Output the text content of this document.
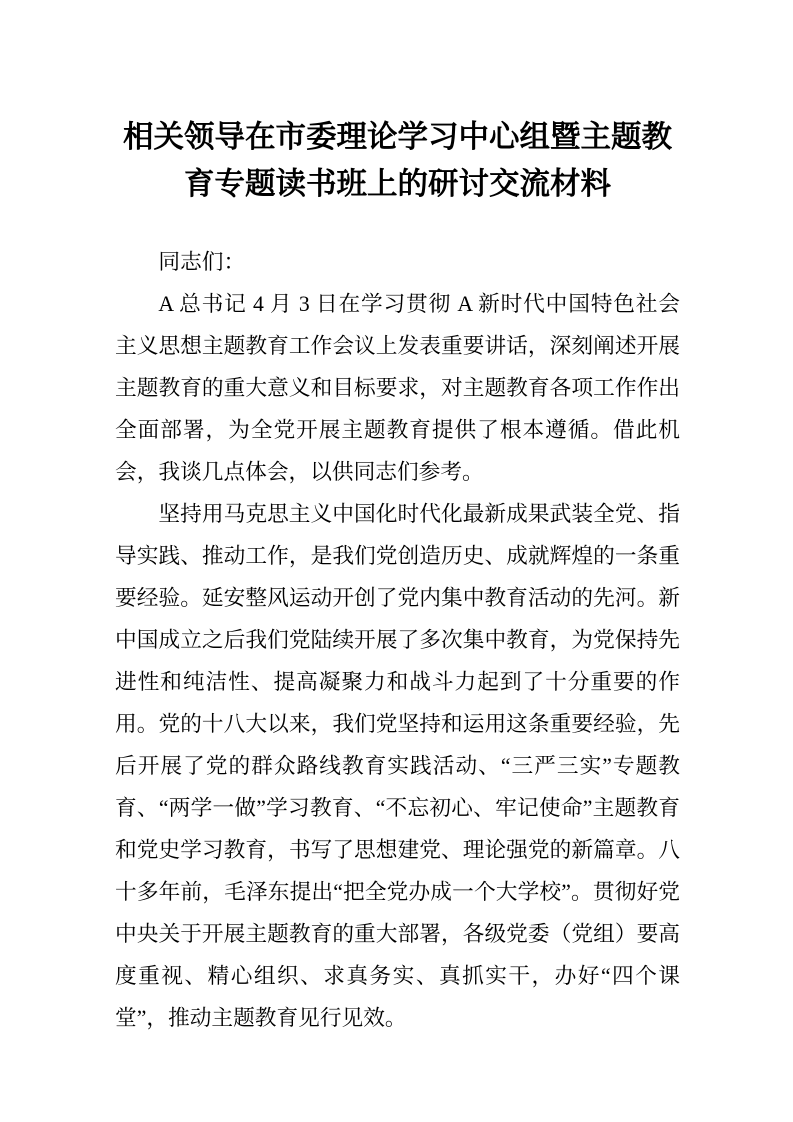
相关领导在市委理论学习中心组暨主题教育专题读书班上的研讨交流材料

同志们：

A 总书记 4 月 3 日在学习贯彻 A 新时代中国特色社会主义思想主题教育工作会议上发表重要讲话，深刻阐述开展主题教育的重大意义和目标要求，对主题教育各项工作作出全面部署，为全党开展主题教育提供了根本遵循。借此机会，我谈几点体会，以供同志们参考。

坚持用马克思主义中国化时代化最新成果武装全党、指导实践、推动工作，是我们党创造历史、成就辉煌的一条重要经验。延安整风运动开创了党内集中教育活动的先河。新中国成立之后我们党陆续开展了多次集中教育，为党保持先进性和纯洁性、提高凝聚力和战斗力起到了十分重要的作用。党的十八大以来，我们党坚持和运用这条重要经验，先后开展了党的群众路线教育实践活动、“三严三实”专题教育、“两学一做”学习教育、“不忘初心、牢记使命”主题教育和党史学习教育，书写了思想建党、理论强党的新篇章。八十多年前，毛泽东提出“把全党办成一个大学校”。贯彻好党中央关于开展主题教育的重大部署，各级党委（党组）要高度重视、精心组织、求真务实、真抓实干，办好“四个课堂”，推动主题教育见行见效。
